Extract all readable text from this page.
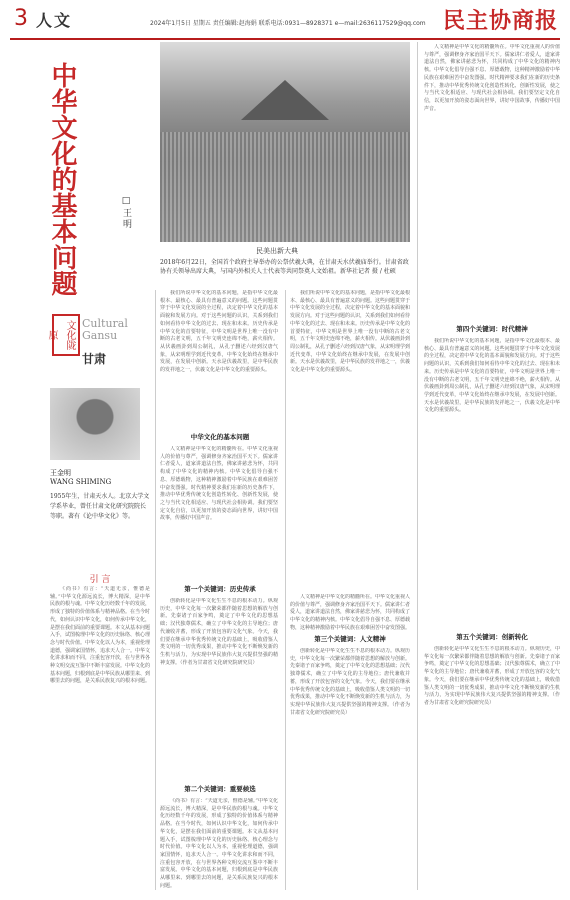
3 人文	2024年1月5日 星期五 责任编辑:赵海娟 联系电话:0931—8928371 e—mail:2636117529@qq.com 民主协商报
中华文化的基本问题	□王明
民美出新大典
2018年6月22日，全国首个政府主导举办的公祭伏羲大典，在甘肃天水伏羲庙举行。甘肃省政协有关领导出席大典，与国内外相关人士代表等共同祭奠人文始祖。新华社记者 摄 / 杜硕
文化陇原
Cultural
Gansu
甘肃
王金明
WANG SHIMING
1955年生，甘肃天水人。北京大学文学系毕业，曾任甘肃文化研究院院长等职。著有《论中华文化》等。
引 言

《尚书》有言：“天道无亲，惟德是辅。”中华文化源远流长，博大精深，是中华民族的根与魂。中华文化历经数千年的发展，形成了独特的价值体系与精神品格。在当今时代，如何认识中华文化，如何传承中华文化，是摆在我们面前的重要课题。本文从基本问题入手，试图梳理中华文化的历史脉络、核心理念与时代价值。中华文化以人为本，重视伦理道德，强调家国情怀，追求天人合一。中华文化讲求和而不同，注重包容开放，在与世界各种文明交流互鉴中不断丰富发展。中华文化的基本问题，归根到底是中华民族从哪里来、到哪里去的问题，是关系民族复兴的根本问题。

中华文化的基本问题

我们所说中华文化的基本问题，是指中华文化最根本、最核心、最具有普遍意义的问题。这些问题贯穿于中华文化发展的全过程，决定着中华文化的基本面貌和发展方向。对于这些问题的认识，关系到我们如何看待中华文化的过去、现在和未来。历史传承是中华文化的首要特征，中华文明是世界上唯一没有中断的古老文明，五千年文明史连绵不绝，薪火相传。从伏羲画卦到周公制礼，从孔子删述六经到汉唐气象，从宋明理学到近代变革，中华文化始终在继承中发展，在发展中创新。天水是伏羲故里，是中华民族的发祥地之一，伏羲文化是中华文化的重要源头。

第一个关键词：历史传承

人文精神是中华文化的精髓所在。中华文化重视人的价值与尊严，强调修身齐家治国平天下。儒家讲仁者爱人，道家讲道法自然，佛家讲慈悲为怀，共同构成了中华文化的精神内核。中华文化倡导自强不息、厚德载物，这种精神激励着中华民族在艰难困苦中奋发图强。时代精神要求我们在新的历史条件下，推动中华优秀传统文化创造性转化、创新性发展，使之与当代文化相适应、与现代社会相协调。我们要坚定文化自信，以更加开放的姿态面向世界，讲好中国故事，传播好中国声音。

第二个关键词：重要候选

创新转化是中华文化生生不息的根本动力。纵观历史，中华文化每一次繁荣都伴随着思想的解放与创新。先秦诸子百家争鸣，奠定了中华文化的思想基础；汉代独尊儒术，确立了中华文化的主导地位；唐代兼收并蓄，形成了开放包容的文化气象。今天，我们要在继承中华优秀传统文化的基础上，吸收借鉴人类文明的一切优秀成果，推动中华文化不断焕发新的生机与活力，为实现中华民族伟大复兴提供坚强的精神支撑。（作者为甘肃省文化研究院研究员）

《尚书》有言：“天道无亲，惟德是辅。”中华文化源远流长，博大精深，是中华民族的根与魂。中华文化历经数千年的发展，形成了独特的价值体系与精神品格。在当今时代，如何认识中华文化，如何传承中华文化，是摆在我们面前的重要课题。本文从基本问题入手，试图梳理中华文化的历史脉络、核心理念与时代价值。中华文化以人为本，重视伦理道德，强调家国情怀，追求天人合一。中华文化讲求和而不同，注重包容开放，在与世界各种文明交流互鉴中不断丰富发展。中华文化的基本问题，归根到底是中华民族从哪里来、到哪里去的问题，是关系民族复兴的根本问题。

我们所说中华文化的基本问题，是指中华文化最根本、最核心、最具有普遍意义的问题。这些问题贯穿于中华文化发展的全过程，决定着中华文化的基本面貌和发展方向。对于这些问题的认识，关系到我们如何看待中华文化的过去、现在和未来。历史传承是中华文化的首要特征，中华文明是世界上唯一没有中断的古老文明，五千年文明史连绵不绝，薪火相传。从伏羲画卦到周公制礼，从孔子删述六经到汉唐气象，从宋明理学到近代变革，中华文化始终在继承中发展，在发展中创新。天水是伏羲故里，是中华民族的发祥地之一，伏羲文化是中华文化的重要源头。

第三个关键词：人文精神

人文精神是中华文化的精髓所在。中华文化重视人的价值与尊严，强调修身齐家治国平天下。儒家讲仁者爱人，道家讲道法自然，佛家讲慈悲为怀，共同构成了中华文化的精神内核。中华文化倡导自强不息、厚德载物，这种精神激励着中华民族在艰难困苦中奋发图强。

创新转化是中华文化生生不息的根本动力。纵观历史，中华文化每一次繁荣都伴随着思想的解放与创新。先秦诸子百家争鸣，奠定了中华文化的思想基础；汉代独尊儒术，确立了中华文化的主导地位；唐代兼收并蓄，形成了开放包容的文化气象。今天，我们要在继承中华优秀传统文化的基础上，吸收借鉴人类文明的一切优秀成果，推动中华文化不断焕发新的生机与活力，为实现中华民族伟大复兴提供坚强的精神支撑。（作者为甘肃省文化研究院研究员）

人文精神是中华文化的精髓所在。中华文化重视人的价值与尊严，强调修身齐家治国平天下。儒家讲仁者爱人，道家讲道法自然，佛家讲慈悲为怀，共同构成了中华文化的精神内核。中华文化倡导自强不息、厚德载物，这种精神激励着中华民族在艰难困苦中奋发图强。时代精神要求我们在新的历史条件下，推动中华优秀传统文化创造性转化、创新性发展，使之与当代文化相适应、与现代社会相协调。我们要坚定文化自信，以更加开放的姿态面向世界，讲好中国故事，传播好中国声音。

第四个关键词：时代精神

我们所说中华文化的基本问题，是指中华文化最根本、最核心、最具有普遍意义的问题。这些问题贯穿于中华文化发展的全过程，决定着中华文化的基本面貌和发展方向。对于这些问题的认识，关系到我们如何看待中华文化的过去、现在和未来。历史传承是中华文化的首要特征，中华文明是世界上唯一没有中断的古老文明，五千年文明史连绵不绝，薪火相传。从伏羲画卦到周公制礼，从孔子删述六经到汉唐气象，从宋明理学到近代变革，中华文化始终在继承中发展，在发展中创新。天水是伏羲故里，是中华民族的发祥地之一，伏羲文化是中华文化的重要源头。

第五个关键词：创新转化

创新转化是中华文化生生不息的根本动力。纵观历史，中华文化每一次繁荣都伴随着思想的解放与创新。先秦诸子百家争鸣，奠定了中华文化的思想基础；汉代独尊儒术，确立了中华文化的主导地位；唐代兼收并蓄，形成了开放包容的文化气象。今天，我们要在继承中华优秀传统文化的基础上，吸收借鉴人类文明的一切优秀成果，推动中华文化不断焕发新的生机与活力，为实现中华民族伟大复兴提供坚强的精神支撑。（作者为甘肃省文化研究院研究员）
